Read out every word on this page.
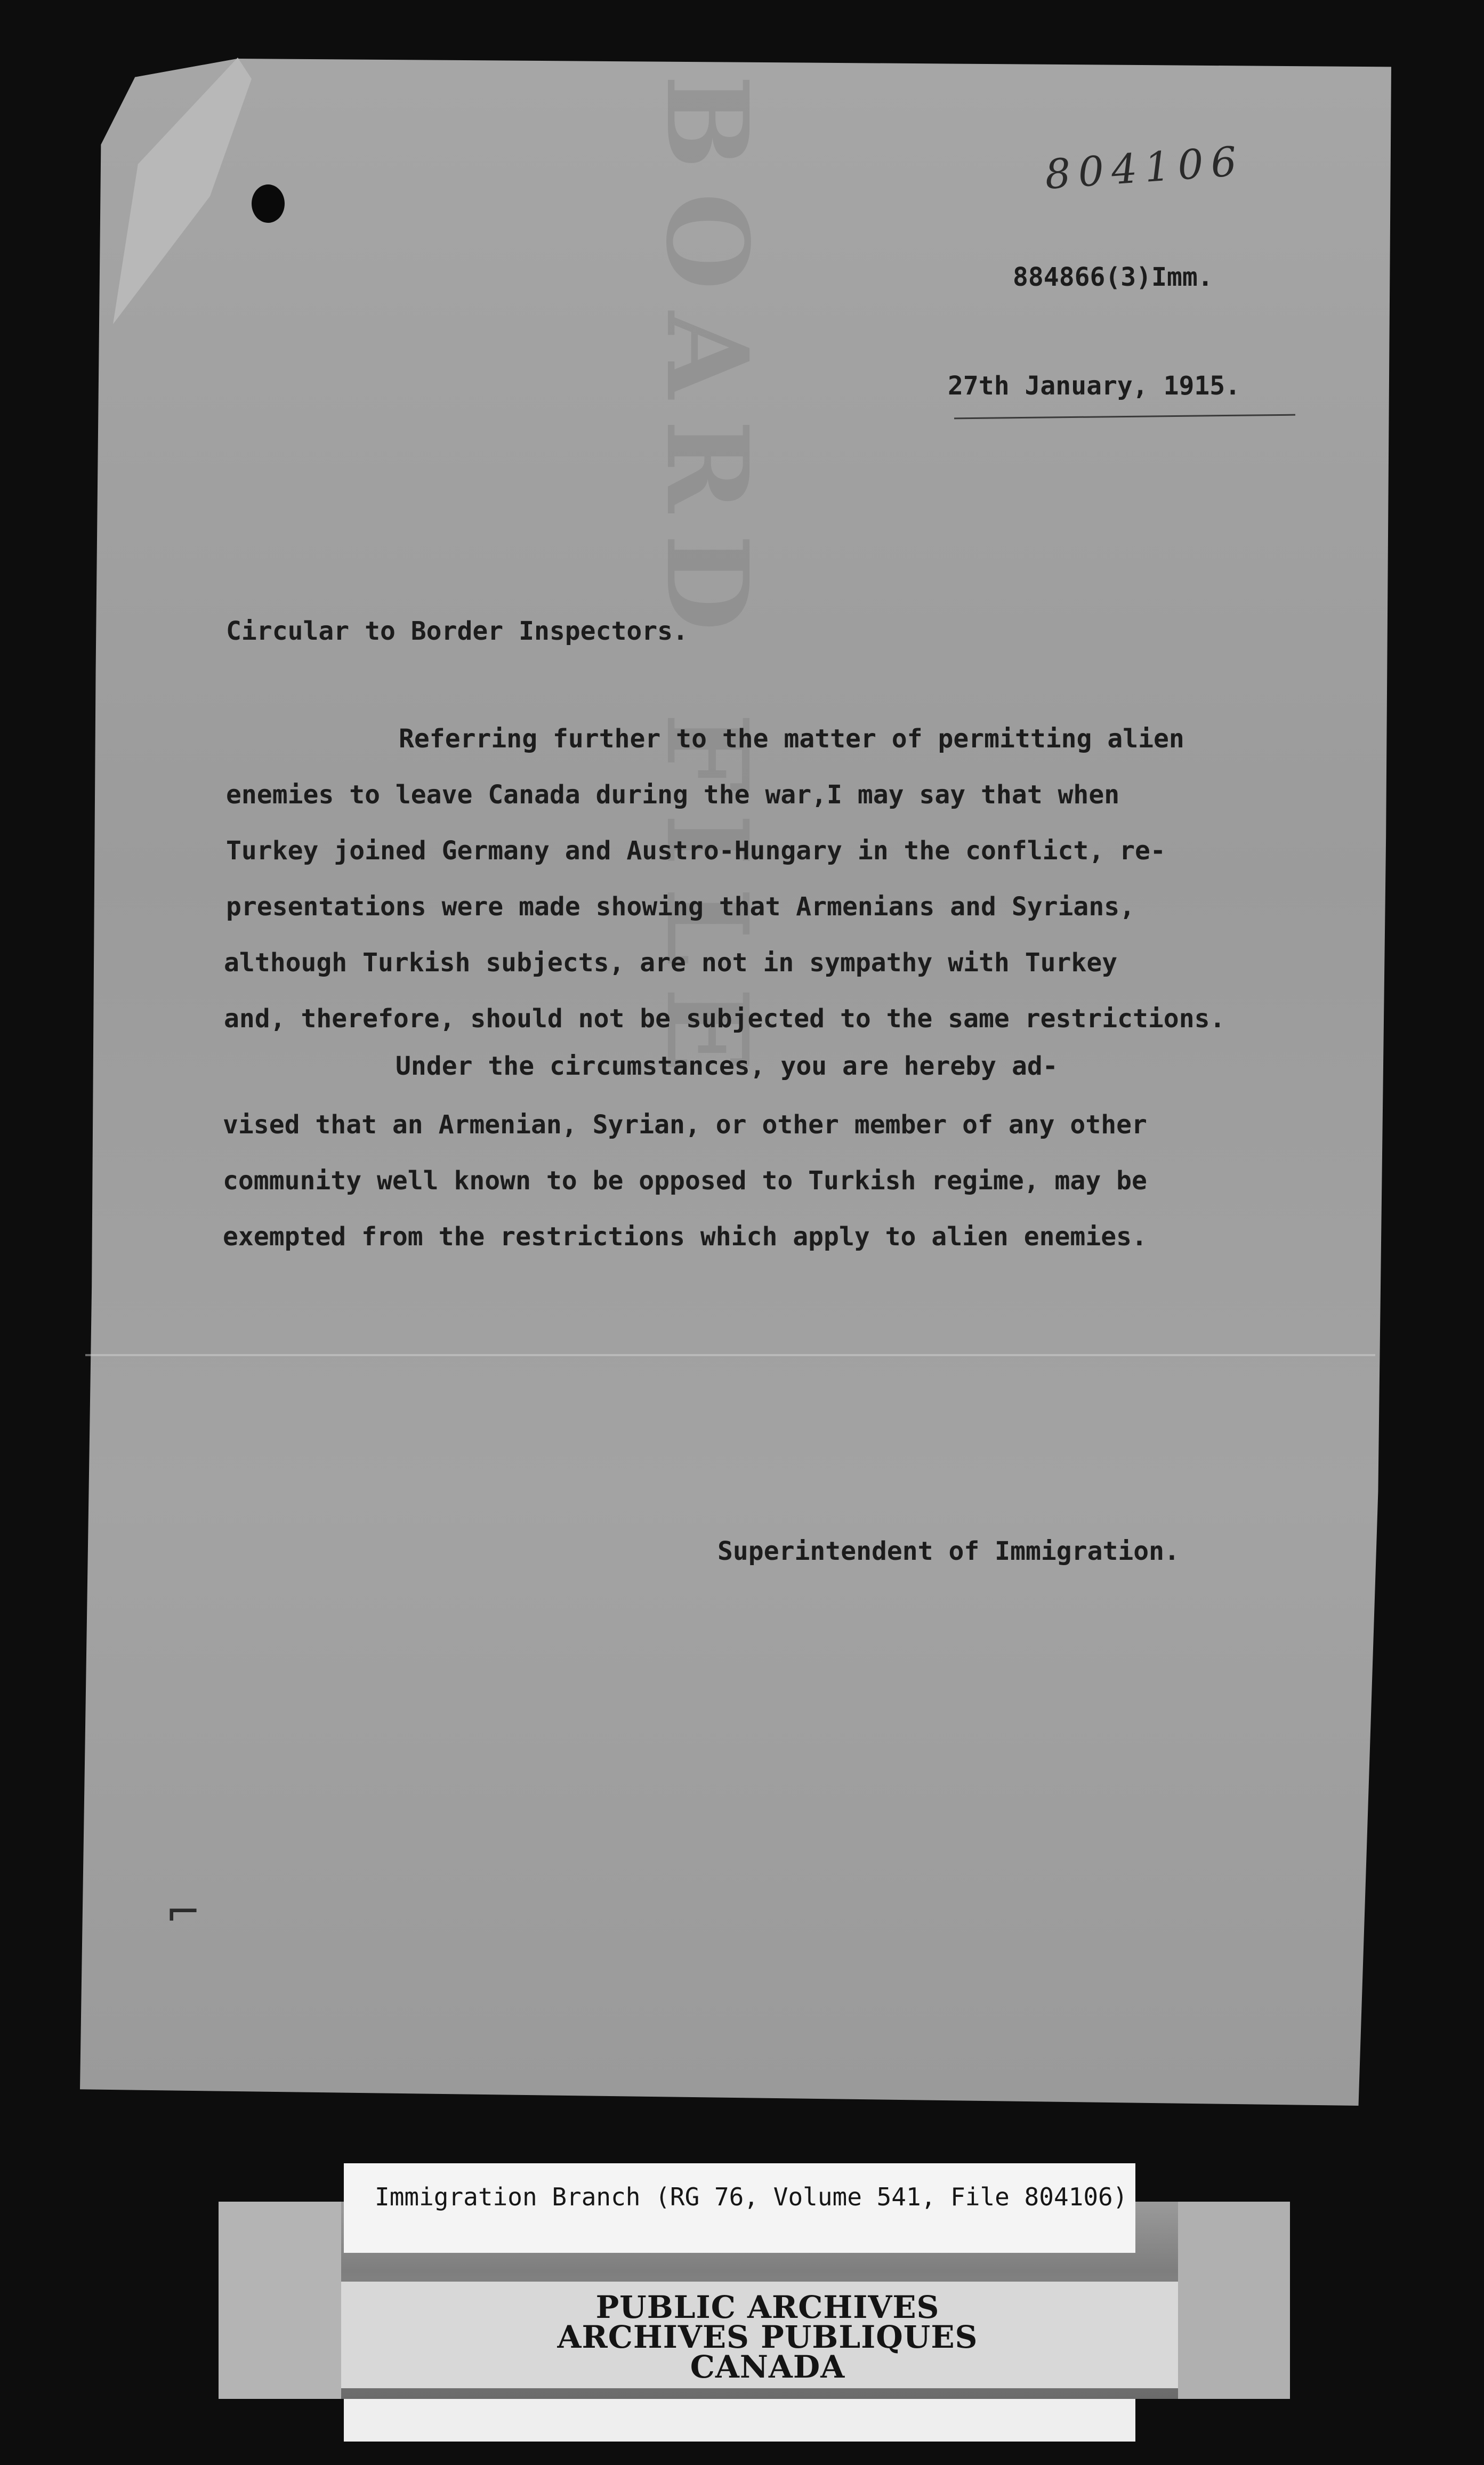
BOARD FILE	804106
884866(3)Imm.
27th January, 1915.
Circular to Border Inspectors.
Referring further to the matter of permitting alien
enemies to leave Canada during the war,I may say that when
Turkey joined Germany and Austro-Hungary in the conflict, re-
presentations were made showing that Armenians and Syrians,
although Turkish subjects, are not in sympathy with Turkey
and, therefore, should not be subjected to the same restrictions.
Under the circumstances, you are hereby ad-
vised that an Armenian, Syrian, or other member of any other
community well known to be opposed to Turkish regime, may be
exempted from the restrictions which apply to alien enemies.
Superintendent of Immigration.
⌐
Immigration Branch (RG 76, Volume 541, File 804106)
PUBLIC ARCHIVES
ARCHIVES PUBLIQUES
CANADA
